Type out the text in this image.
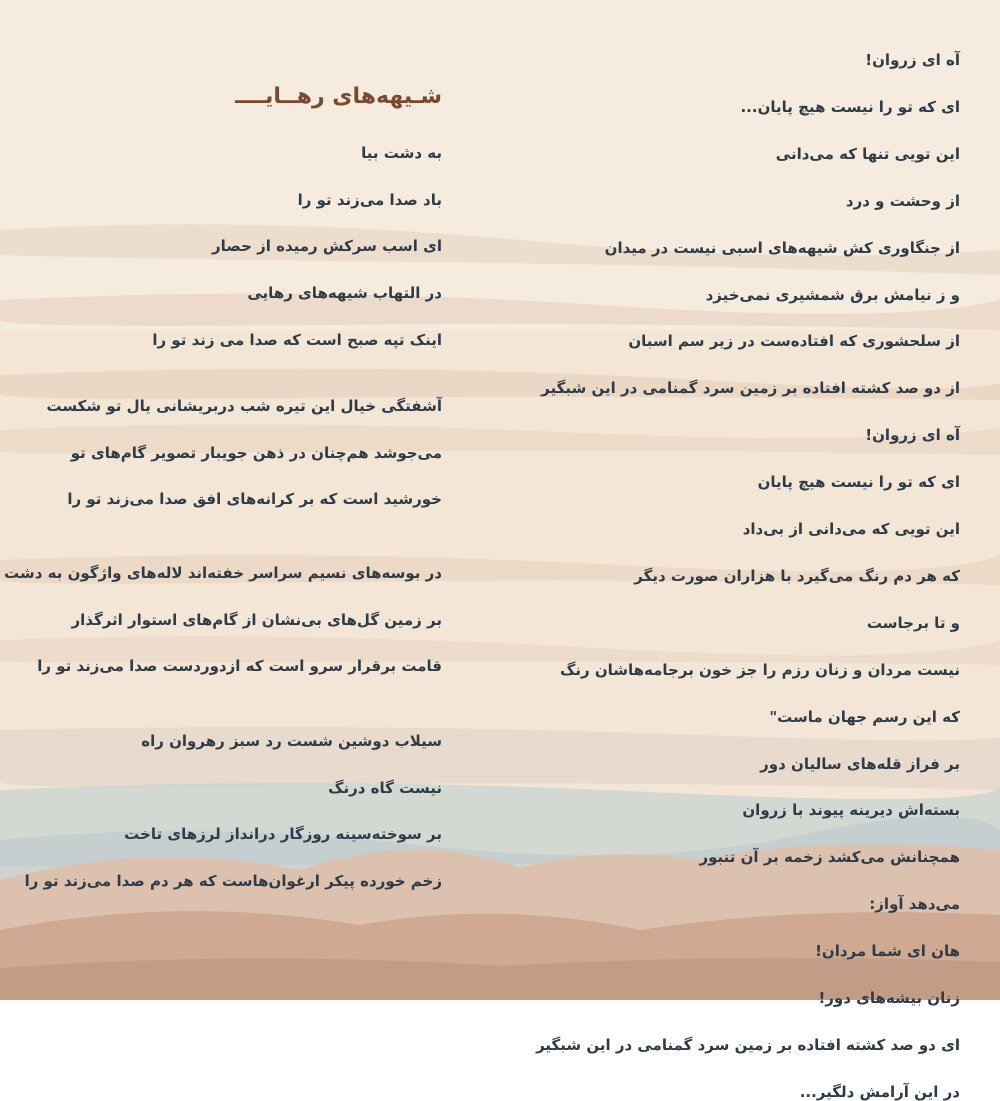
آه ای زروان!
ای که تو را نیست هیچ پایان...
این تویی تنها که می‌دانی
از وحشت و درد
از جنگاوری کش شیهه‌های اسبی نیست در میدان
و ز نیامش برق شمشیری نمی‌خیزد
از سلحشوری که افتاده‌ست در زیر سم اسبان
از دو صد کشته افتاده بر زمین سرد گمنامی در این شبگیر
آه ای زروان!
ای که تو را نیست هیچ پایان
این تویی که می‌دانی از بی‌داد
که هر دم رنگ می‌گیرد با هزاران صورت دیگر
و تا برجاست
نیست مردان و زنان رزم را جز خون برجامه‌هاشان رنگ
که این رسم جهان ماست"
بر فراز قله‌های سالیان دور
بسته‌اش دیرینه پیوند با زروان
همچنانش می‌کشد زخمه بر آن تنبور
می‌دهد آواز:
هان ای شما مردان!
زنان بیشه‌های دور!
ای دو صد کشته افتاده بر زمین سرد گمنامی در این شبگیر
در این آرامش دلگیر...
شـیهه‌های رهــایــــ
به دشت بیا
باد صدا می‌زند تو را
ای اسب سرکش رمیده از حصار
در التهاب شیهه‌های رهایی
اینک تپه صبح است که صدا می زند تو را
آشفتگی خیال این تیره شب دربریشانی یال تو شکست
می‌جوشد هم‌چنان در ذهن جویبار تصویر گام‌های تو
خورشید است که بر کرانه‌های افق صدا می‌زند تو را
در بوسه‌های نسیم سراسر خفته‌اند لاله‌های واژگون به دشت
بر زمین گل‌های بی‌نشان از گام‌های استوار اثرگذار
قامت برقرار سرو است که ازدوردست صدا می‌زند تو را
سیلاب دوشین شست رد سبز رهروان راه
نیست گاه درنگ
بر سوخته‌سینه روزگار درانداز لرزهای تاخت
زخم خورده پیکر ارغوان‌هاست که هر دم صدا می‌زند تو را
